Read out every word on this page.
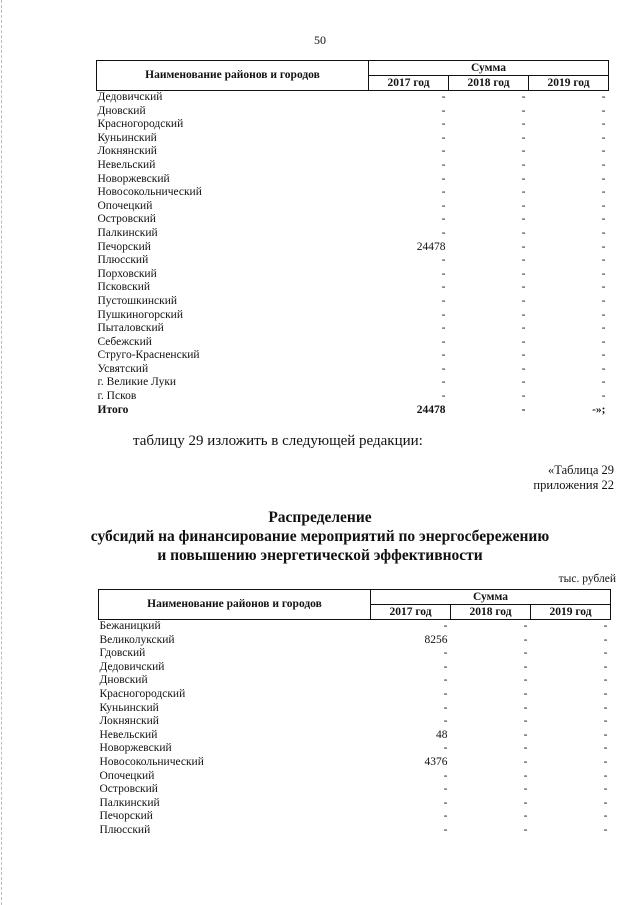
50
Наименование районов и городов	Сумма		
	2017 год	2018 год	2019 год
Дедовичский	-	-	-
Дновский	-	-	-
Красногородский	-	-	-
Куньинский	-	-	-
Локнянский	-	-	-
Невельский	-	-	-
Новоржевский	-	-	-
Новосокольнический	-	-	-
Опочецкий	-	-	-
Островский	-	-	-
Палкинский	-	-	-
Печорский	24478	-	-
Плюсский	-	-	-
Порховский	-	-	-
Псковский	-	-	-
Пустошкинский	-	-	-
Пушкиногорский	-	-	-
Пыталовский	-	-	-
Себежский	-	-	-
Струго-Красненский	-	-	-
Усвятский	-	-	-
г. Великие Луки	-	-	-
г. Псков	-	-	-
Итого	24478	-	-»;
таблицу 29 изложить в следующей редакции:
«Таблица 29
приложения 22
Распределение
субсидий на финансирование мероприятий по энергосбережению
и повышению энергетической эффективности
тыс. рублей
Наименование районов и городов	Сумма		
	2017 год	2018 год	2019 год
Бежаницкий	-	-	-
Великолукский	8256	-	-
Гдовский	-	-	-
Дедовичский	-	-	-
Дновский	-	-	-
Красногородский	-	-	-
Куньинский	-	-	-
Локнянский	-	-	-
Невельский	48	-	-
Новоржевский	-	-	-
Новосокольнический	4376	-	-
Опочецкий	-	-	-
Островский	-	-	-
Палкинский	-	-	-
Печорский	-	-	-
Плюсский	-	-	-
